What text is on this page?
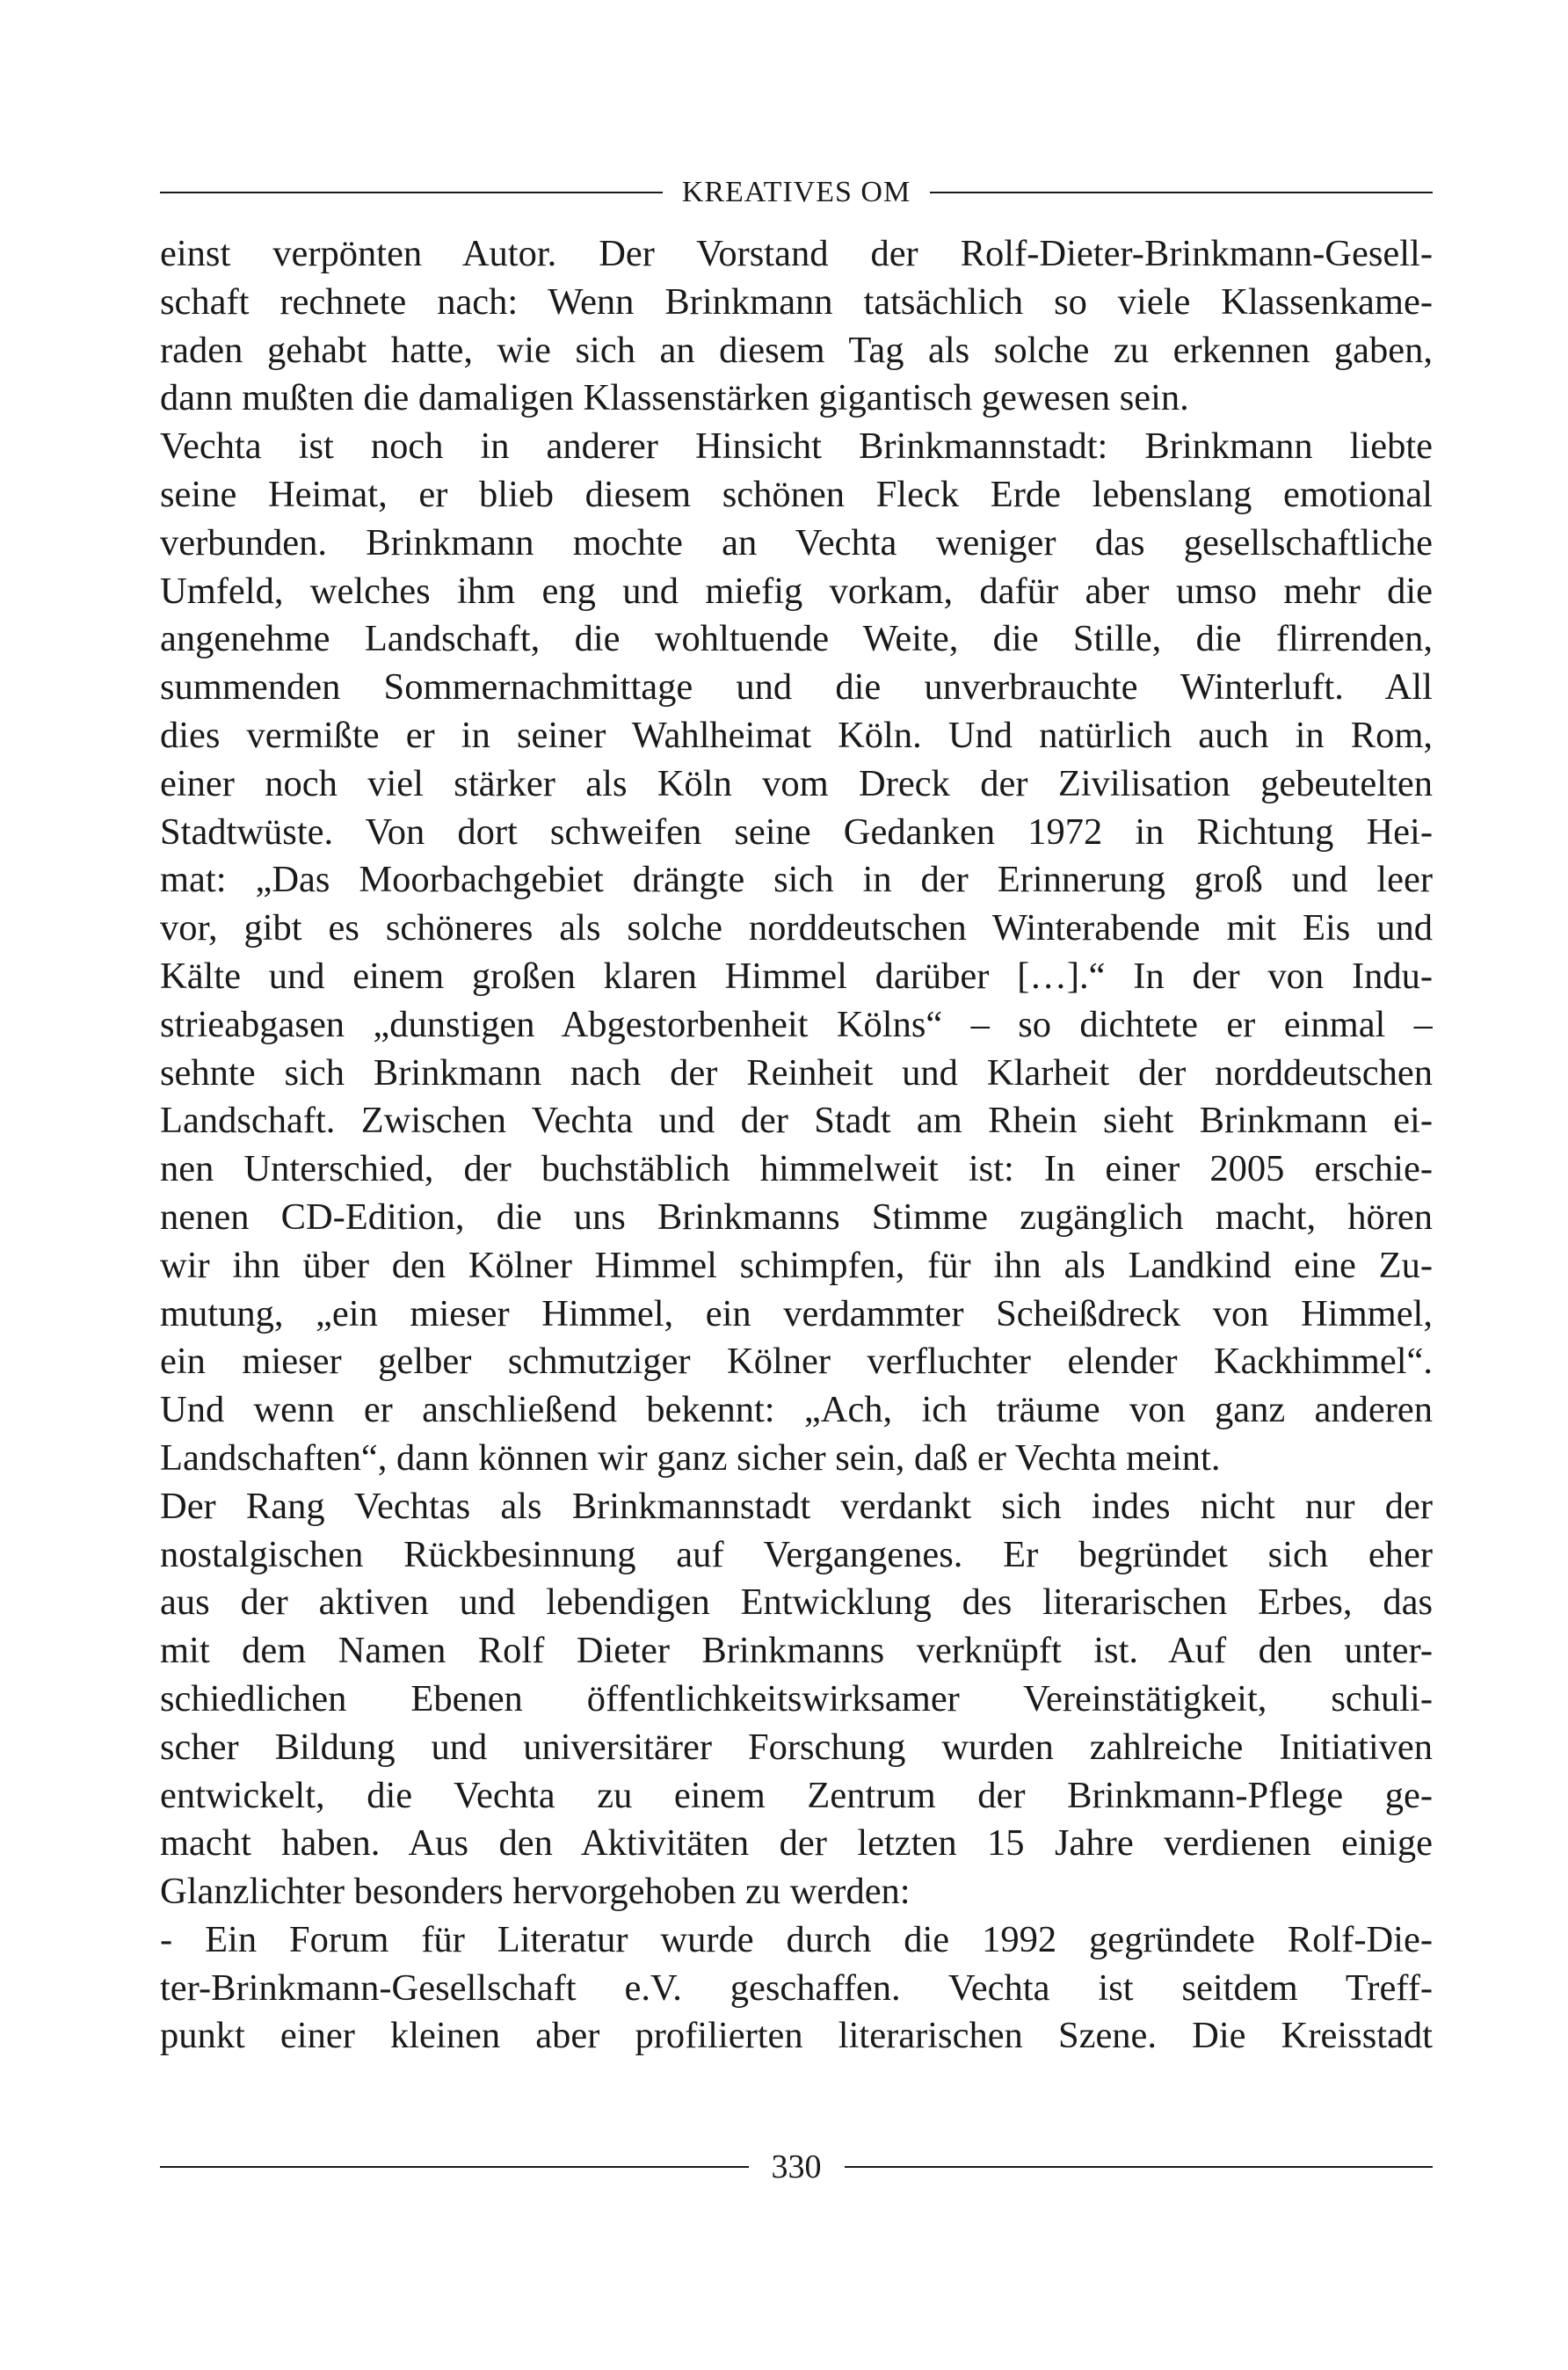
KREATIVES OM
einst verpönten Autor. Der Vorstand der Rolf-Dieter-Brinkmann-Gesell-
schaft rechnete nach: Wenn Brinkmann tatsächlich so viele Klassenkame-
raden gehabt hatte, wie sich an diesem Tag als solche zu erkennen gaben,
dann mußten die damaligen Klassenstärken gigantisch gewesen sein.
Vechta ist noch in anderer Hinsicht Brinkmannstadt: Brinkmann liebte
seine Heimat, er blieb diesem schönen Fleck Erde lebenslang emotional
verbunden. Brinkmann mochte an Vechta weniger das gesellschaftliche
Umfeld, welches ihm eng und miefig vorkam, dafür aber umso mehr die
angenehme Landschaft, die wohltuende Weite, die Stille, die flirrenden,
summenden Sommernachmittage und die unverbrauchte Winterluft. All
dies vermißte er in seiner Wahlheimat Köln. Und natürlich auch in Rom,
einer noch viel stärker als Köln vom Dreck der Zivilisation gebeutelten
Stadtwüste. Von dort schweifen seine Gedanken 1972 in Richtung Hei-
mat: „Das Moorbachgebiet drängte sich in der Erinnerung groß und leer
vor, gibt es schöneres als solche norddeutschen Winterabende mit Eis und
Kälte und einem großen klaren Himmel darüber […].“ In der von Indu-
strieabgasen „dunstigen Abgestorbenheit Kölns“ – so dichtete er einmal –
sehnte sich Brinkmann nach der Reinheit und Klarheit der norddeutschen
Landschaft. Zwischen Vechta und der Stadt am Rhein sieht Brinkmann ei-
nen Unterschied, der buchstäblich himmelweit ist: In einer 2005 erschie-
nenen CD-Edition, die uns Brinkmanns Stimme zugänglich macht, hören
wir ihn über den Kölner Himmel schimpfen, für ihn als Landkind eine Zu-
mutung, „ein mieser Himmel, ein verdammter Scheißdreck von Himmel,
ein mieser gelber schmutziger Kölner verfluchter elender Kackhimmel“.
Und wenn er anschließend bekennt: „Ach, ich träume von ganz anderen
Landschaften“, dann können wir ganz sicher sein, daß er Vechta meint.
Der Rang Vechtas als Brinkmannstadt verdankt sich indes nicht nur der
nostalgischen Rückbesinnung auf Vergangenes. Er begründet sich eher
aus der aktiven und lebendigen Entwicklung des literarischen Erbes, das
mit dem Namen Rolf Dieter Brinkmanns verknüpft ist. Auf den unter-
schiedlichen Ebenen öffentlichkeitswirksamer Vereinstätigkeit, schuli-
scher Bildung und universitärer Forschung wurden zahlreiche Initiativen
entwickelt, die Vechta zu einem Zentrum der Brinkmann-Pflege ge-
macht haben. Aus den Aktivitäten der letzten 15 Jahre verdienen einige
Glanzlichter besonders hervorgehoben zu werden:
- Ein Forum für Literatur wurde durch die 1992 gegründete Rolf-Die-
ter-Brinkmann-Gesellschaft e.V. geschaffen. Vechta ist seitdem Treff-
punkt einer kleinen aber profilierten literarischen Szene. Die Kreisstadt
330
